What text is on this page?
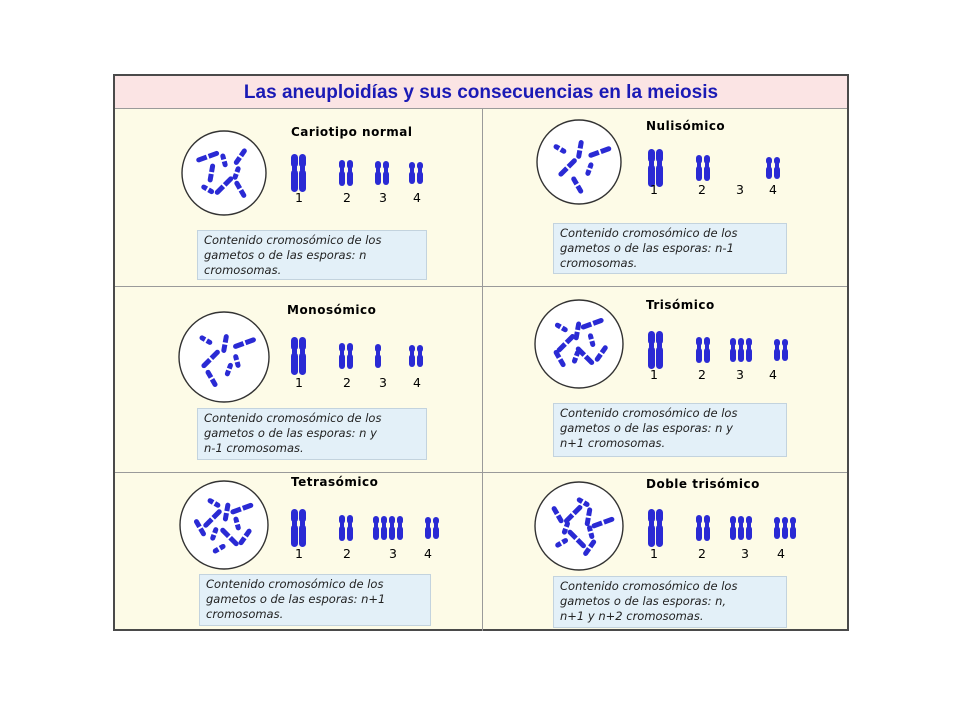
Las aneuploidías y sus consecuencias en la meiosis
1	2 3 4
Cariotipo normal
Contenido cromosómico de los
gametos o de las esporas: n
cromosomas.
1	2 3 4
Nulisómico
Contenido cromosómico de los
gametos o de las esporas: n-1
cromosomas.
1	2 3 4
Monosómico
Contenido cromosómico de los
gametos o de las esporas: n y
n-1 cromosomas.
1	2 3 4
Trisómico
Contenido cromosómico de los
gametos o de las esporas: n y
n+1 cromosomas.
1	2	3 4
Tetrasómico
Contenido cromosómico de los
gametos o de las esporas: n+1
cromosomas.
1	2	3 4
Doble trisómico
Contenido cromosómico de los
gametos o de las esporas: n,
n+1 y n+2 cromosomas.
